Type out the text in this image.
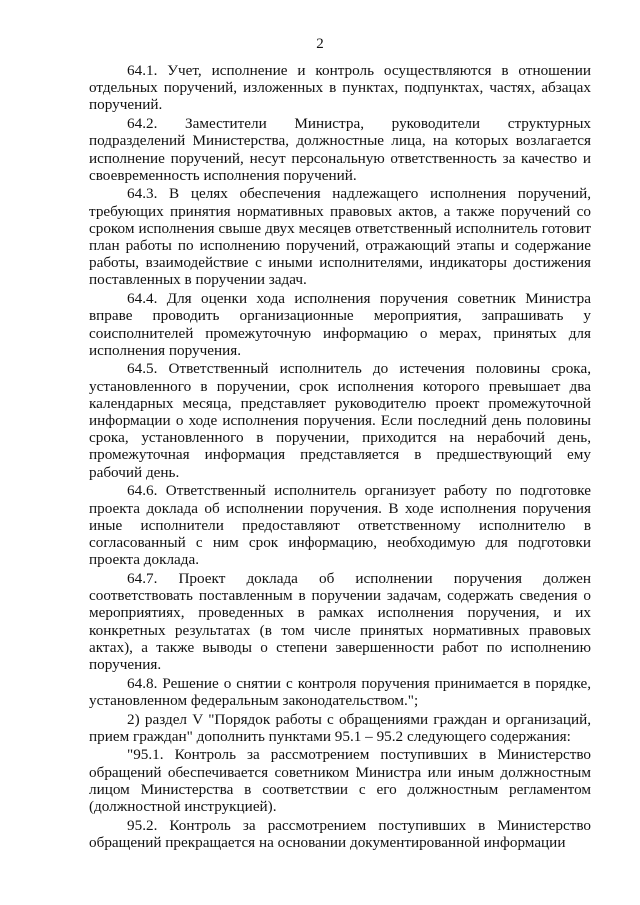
2

64.1. Учет, исполнение и контроль осуществляются в отношении отдельных поручений, изложенных в пунктах, подпунктах, частях, абзацах поручений.

64.2. Заместители Министра, руководители структурных подразделений Министерства, должностные лица, на которых возлагается исполнение поручений, несут персональную ответственность за качество и своевременность исполнения поручений.

64.3. В целях обеспечения надлежащего исполнения поручений, требующих принятия нормативных правовых актов, а также поручений со сроком исполнения свыше двух месяцев ответственный исполнитель готовит план работы по исполнению поручений, отражающий этапы и содержание работы, взаимодействие с иными исполнителями, индикаторы достижения поставленных в поручении задач.

64.4. Для оценки хода исполнения поручения советник Министра вправе проводить организационные мероприятия, запрашивать у соисполнителей промежуточную информацию о мерах, принятых для исполнения поручения.

64.5. Ответственный исполнитель до истечения половины срока, установленного в поручении, срок исполнения которого превышает два календарных месяца, представляет руководителю проект промежуточной информации о ходе исполнения поручения. Если последний день половины срока, установленного в поручении, приходится на нерабочий день, промежуточная информация представляется в предшествующий ему рабочий день.

64.6. Ответственный исполнитель организует работу по подготовке проекта доклада об исполнении поручения. В ходе исполнения поручения иные исполнители предоставляют ответственному исполнителю в согласованный с ним срок информацию, необходимую для подготовки проекта доклада.

64.7. Проект доклада об исполнении поручения должен соответствовать поставленным в поручении задачам, содержать сведения о мероприятиях, проведенных в рамках исполнения поручения, и их конкретных результатах (в том числе принятых нормативных правовых актах), а также выводы о степени завершенности работ по исполнению поручения.

64.8. Решение о снятии с контроля поручения принимается в порядке, установленном федеральным законодательством.";

2) раздел V "Порядок работы с обращениями граждан и организаций, прием граждан" дополнить пунктами 95.1 – 95.2 следующего содержания:

"95.1. Контроль за рассмотрением поступивших в Министерство обращений обеспечивается советником Министра или иным должностным лицом Министерства в соответствии с его должностным регламентом (должностной инструкцией).

95.2. Контроль за рассмотрением поступивших в Министерство обращений прекращается на основании документированной информации
